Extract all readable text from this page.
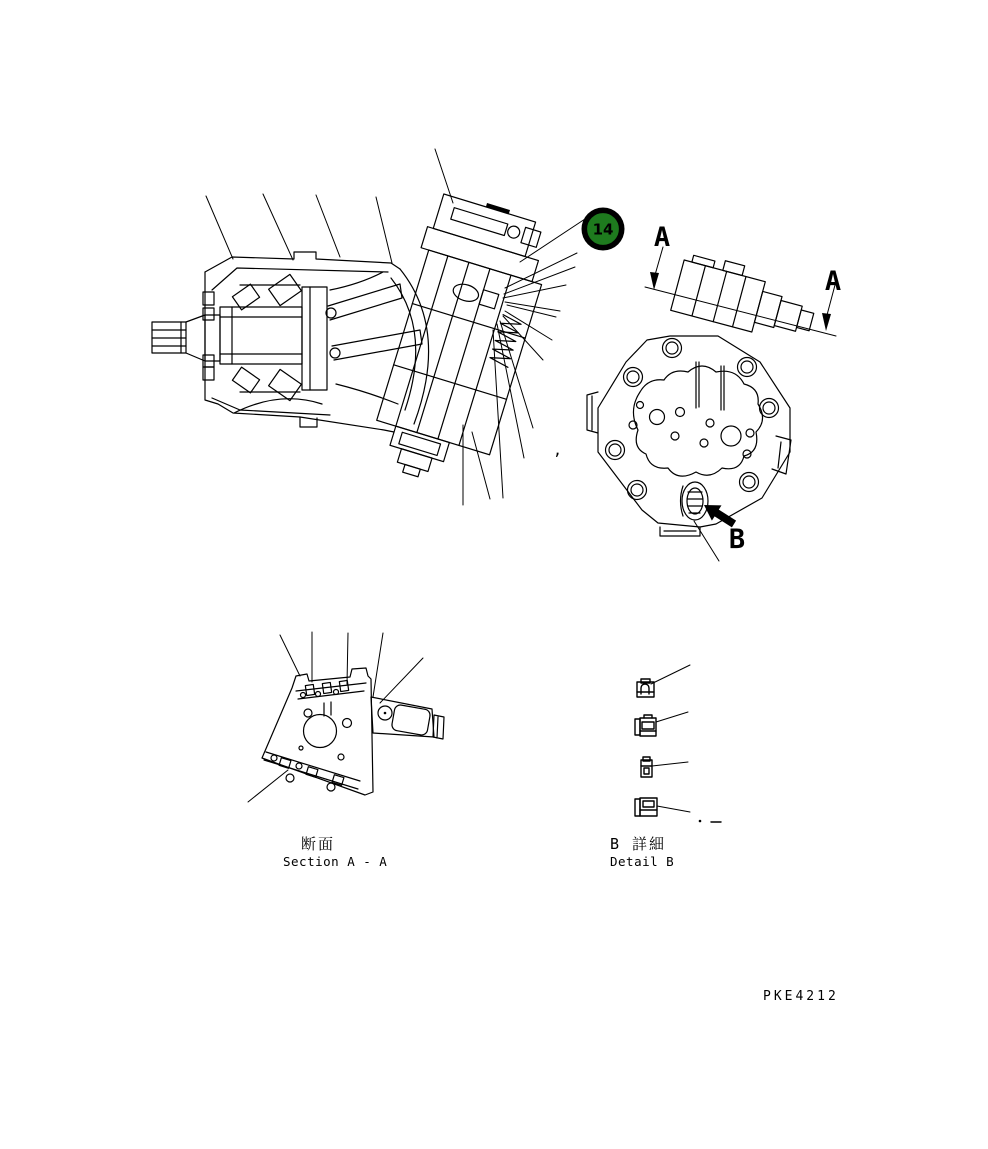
14 A
A
B
断面
Section A - A
B 詳細
Detail B
PKE4212
,
